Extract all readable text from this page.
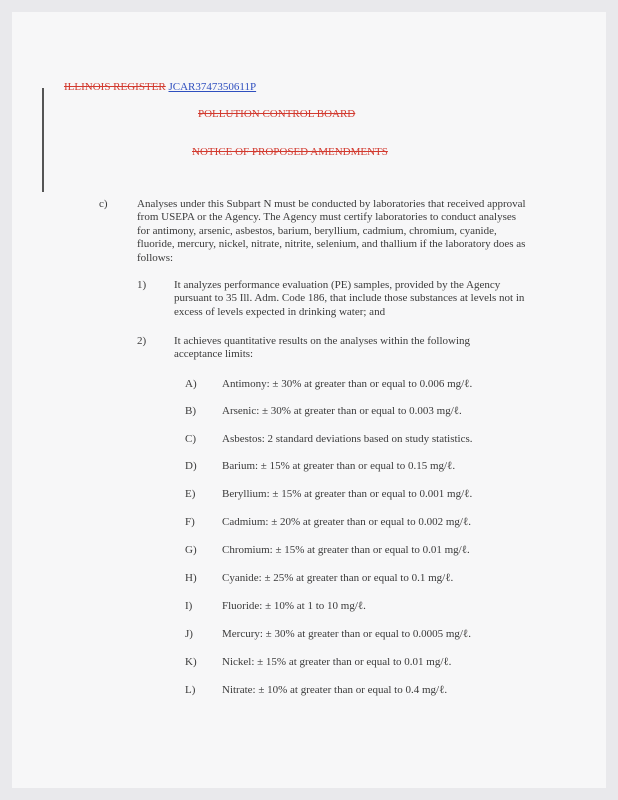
ILLINOIS REGISTER JCAR3747350611P
POLLUTION CONTROL BOARD
NOTICE OF PROPOSED AMENDMENTS
c)	Analyses under this Subpart N must be conducted by laboratories that received approval from USEPA or the Agency. The Agency must certify laboratories to conduct analyses for antimony, arsenic, asbestos, barium, beryllium, cadmium, chromium, cyanide, fluoride, mercury, nickel, nitrate, nitrite, selenium, and thallium if the laboratory does as follows:
1)	It analyzes performance evaluation (PE) samples, provided by the Agency pursuant to 35 Ill. Adm. Code 186, that include those substances at levels not in excess of levels expected in drinking water; and
2)	It achieves quantitative results on the analyses within the following acceptance limits:
A) Antimony: ± 30% at greater than or equal to 0.006 mg/ℓ.
B) Arsenic: ± 30% at greater than or equal to 0.003 mg/ℓ.
C) Asbestos: 2 standard deviations based on study statistics.
D) Barium: ± 15% at greater than or equal to 0.15 mg/ℓ.
E) Beryllium: ± 15% at greater than or equal to 0.001 mg/ℓ.
F) Cadmium: ± 20% at greater than or equal to 0.002 mg/ℓ.
G) Chromium: ± 15% at greater than or equal to 0.01 mg/ℓ.
H) Cyanide: ± 25% at greater than or equal to 0.1 mg/ℓ.
I)	Fluoride: ± 10% at 1 to 10 mg/ℓ.
J)	Mercury: ± 30% at greater than or equal to 0.0005 mg/ℓ.
K) Nickel: ± 15% at greater than or equal to 0.01 mg/ℓ.
L) Nitrate: ± 10% at greater than or equal to 0.4 mg/ℓ.
